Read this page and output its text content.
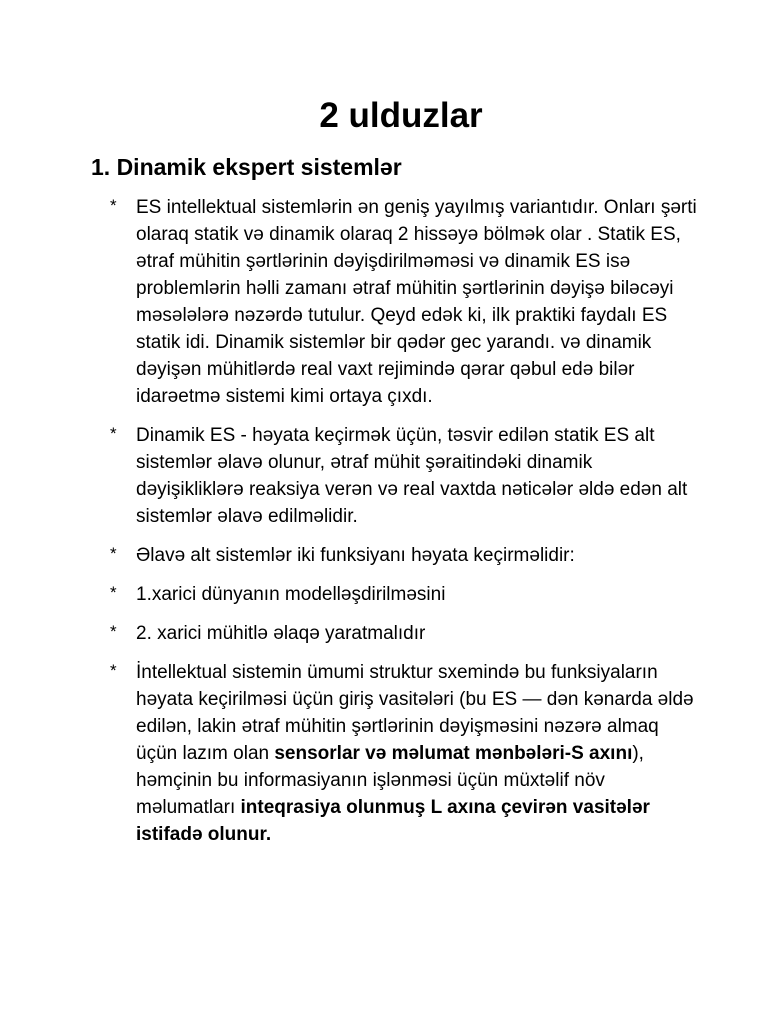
2 ulduzlar
1. Dinamik ekspert sistemlər
* ES intellektual sistemlərin ən geniş yayılmış variantıdır. Onları şərti olaraq statik və dinamik olaraq 2 hissəyə bölmək olar . Statik ES, ətraf mühitin şərtlərinin dəyişdirilməməsi və dinamik ES isə problemlərin həlli zamanı ətraf mühitin şərtlərinin dəyişə biləcəyi məsələlərə nəzərdə tutulur. Qeyd edək ki, ilk praktiki faydalı ES statik idi. Dinamik sistemlər bir qədər gec yarandı. və dinamik dəyişən mühitlərdə real vaxt rejimində qərar qəbul edə bilər idarəetmə sistemi kimi ortaya çıxdı.
* Dinamik ES - həyata keçirmək üçün, təsvir edilən statik ES alt sistemlər əlavə olunur, ətraf mühit şəraitindəki dinamik dəyişikliklərə reaksiya verən və real vaxtda nəticələr əldə edən alt sistemlər əlavə edilməlidir.
* Əlavə alt sistemlər iki funksiyanı həyata keçirməlidir:
* 1.xarici dünyanın modelləşdirilməsini
* 2. xarici mühitlə əlaqə yaratmalıdır
* İntellektual sistemin ümumi struktur sxemində bu funksiyaların həyata keçirilməsi üçün giriş vasitələri (bu ES — dən kənarda əldə edilən, lakin ətraf mühitin şərtlərinin dəyişməsini nəzərə almaq üçün lazım olan sensorlar və məlumat mənbələri-S axını), həmçinin bu informasiyanın işlənməsi üçün müxtəlif növ məlumatları inteqrasiya olunmuş L axına çevirən vasitələr istifadə olunur.
